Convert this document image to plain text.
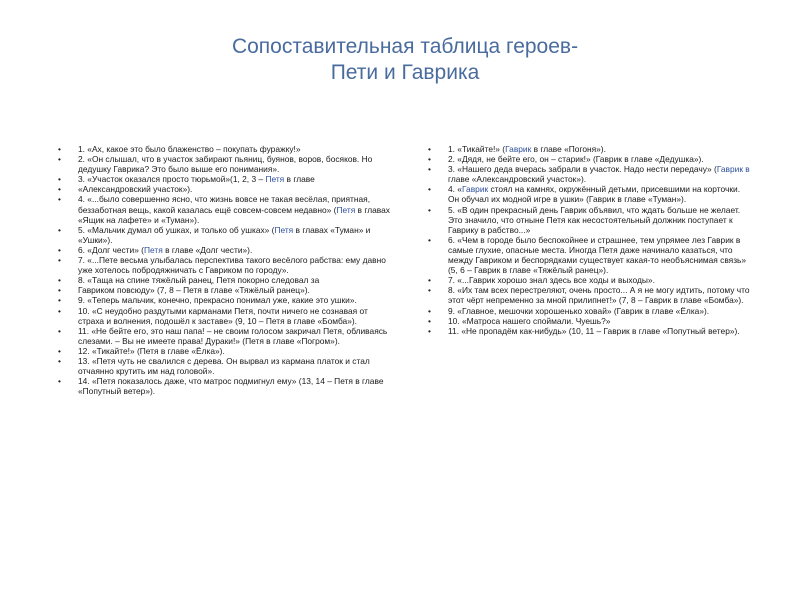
Сопоставительная таблица героев-
Пети и Гаврика
• 1. «Ах, какое это было блаженство – покупать фуражку!»
• 2. «Он слышал, что в участок забирают пьяниц, буянов, воров, босяков. Но дедушку Гаврика? Это было выше его понимания».
• 3. «Участок оказался просто тюрьмой»(1, 2, 3 – Петя в главе
• «Александровский участок»).
• 4. «...было совершенно ясно, что жизнь вовсе не такая весёлая, приятная, беззаботная вещь, какой казалась ещё совсем-совсем недавно» (Петя в главах «Ящик на лафете» и «Туман»).
• 5. «Мальчик думал об ушках, и только об ушках» (Петя в главах «Туман» и «Ушки»).
• 6. «Долг чести» (Петя в главе «Долг чести»).
• 7. «...Пете весьма улыбалась перспектива такого весёлого рабства: ему давно уже хотелось побродяжничать с Гавриком по городу».
• 8. «Таща на спине тяжёлый ранец, Петя покорно следовал за
• Гавриком повсюду» (7, 8 – Петя в главе «Тяжёлый ранец»).
• 9. «Теперь мальчик, конечно, прекрасно понимал уже, какие это ушки».
• 10. «С неудобно раздутыми карманами Петя, почти ничего не сознавая от страха и волнения, подошёл к заставе» (9, 10 – Петя в главе «Бомба»).
• 11. «Не бейте его, это наш папа! – не своим голосом закричал Петя, обливаясь слезами. – Вы не имеете права! Дураки!» (Петя в главе «Погром»).
• 12. «Тикайте!» (Петя в главе «Ёлка»).
• 13. «Петя чуть не свалился с дерева. Он вырвал из кармана платок и стал отчаянно крутить им над головой».
• 14. «Петя показалось даже, что матрос подмигнул ему» (13, 14 – Петя в главе «Попутный ветер»).
• 1. «Тикайте!» (Гаврик в главе «Погоня»).
• 2. «Дядя, не бейте его, он – старик!» (Гаврик в главе «Дедушка»).
• 3. «Нашего деда вчерась забрали в участок. Надо нести передачу» (Гаврик в главе «Александровский участок»).
• 4. «Гаврик стоял на камнях, окружённый детьми, присевшими на корточки. Он обучал их модной игре в ушки» (Гаврик в главе «Туман»).
• 5. «В один прекрасный день Гаврик объявил, что ждать больше не желает. Это значило, что отныне Петя как несостоятельный должник поступает к Гаврику в рабство...»
• 6. «Чем в городе было беспокойнее и страшнее, тем упрямее лез Гаврик в самые глухие, опасные места. Иногда Петя даже начинало казаться, что между Гавриком и беспорядками существует какая-то необъяснимая связь» (5, 6 – Гаврик в главе «Тяжёлый ранец»).
• 7. «...Гаврик хорошо знал здесь все ходы и выходы».
• 8. «Их там всех перестреляют, очень просто... А я не могу идтить, потому что этот чёрт непременно за мной прилипнет!» (7, 8 – Гаврик в главе «Бомба»).
• 9. «Главное, мешочки хорошенько ховай» (Гаврик в главе «Ёлка»).
• 10. «Матроса нашего споймали. Чуешь?»
• 11. «Не пропадём как-нибудь» (10, 11 – Гаврик в главе «Попутный ветер»).
